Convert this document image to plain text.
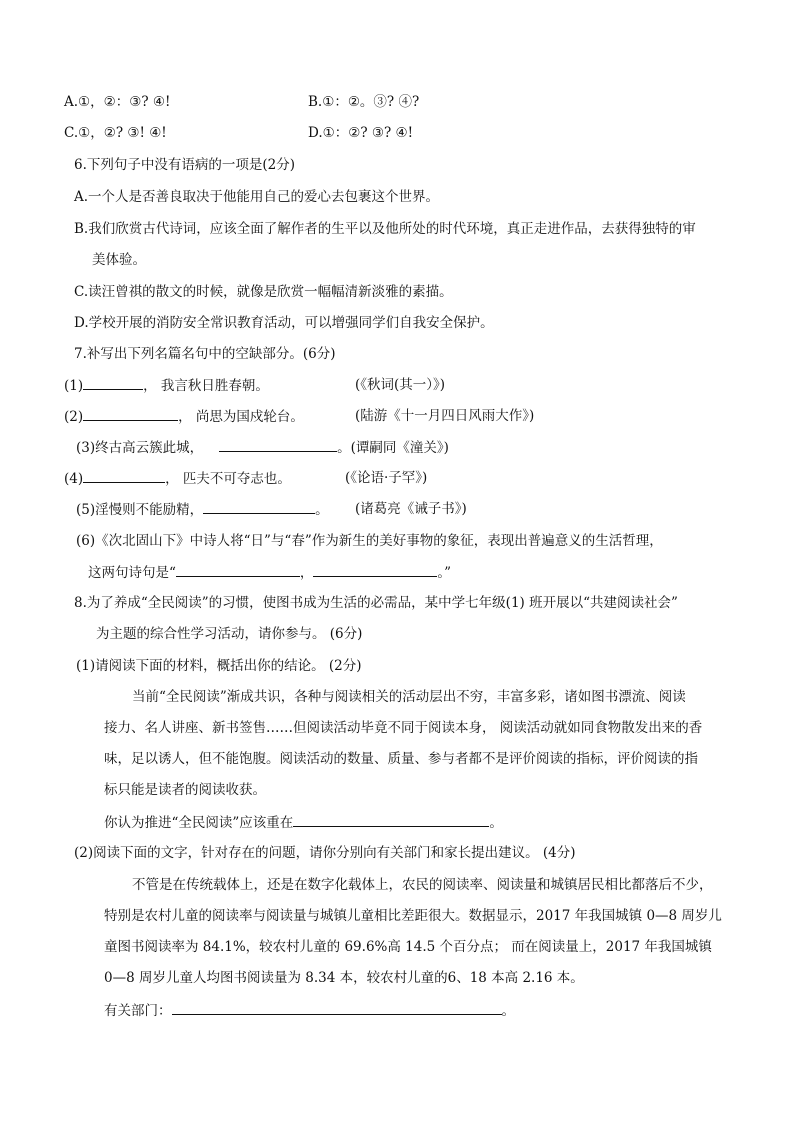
A.①，②：③? ④!	B.①：②。③? ④?
C.①，②? ③! ④!	D.①：②? ③? ④!
6.下列句子中没有语病的一项是(2分)
A.一个人是否善良取决于他能用自己的爱心去包裹这个世界。
B.我们欣赏古代诗词，应该全面了解作者的生平以及他所处的时代环境，真正走进作品，去获得独特的审
美体验。
C.读汪曾祺的散文的时候，就像是欣赏一幅幅清新淡雅的素描。
D.学校开展的消防安全常识教育活动，可以增强同学们自我安全保护。
7.补写出下列名篇名句中的空缺部分。(6分)
(1)	， 我言秋日胜春朝。	(《秋词(其一）》)
(2)	， 尚思为国戍轮台。	(陆游《十一月四日风雨大作》)
(3)终古高云簇此城，	。(谭嗣同《潼关》)
(4)	， 匹夫不可夺志也。	(《论语·子罕》)
(5)淫慢则不能励精，	。 (诸葛亮《诫子书》)
(6)《次北固山下》中诗人将“日”与“春”作为新生的美好事物的象征，表现出普遍意义的生活哲理，
这两句诗句是“	，	。”
8.为了养成“全民阅读”的习惯，使图书成为生活的必需品，某中学七年级(1) 班开展以“共建阅读社会”
为主题的综合性学习活动，请你参与。 (6分)
(1)请阅读下面的材料，概括出你的结论。 (2分)
当前“全民阅读”渐成共识，各种与阅读相关的活动层出不穷，丰富多彩，诸如图书漂流、阅读
接力、名人讲座、新书签售……但阅读活动毕竟不同于阅读本身， 阅读活动就如同食物散发出来的香
味，足以诱人，但不能饱腹。阅读活动的数量、质量、参与者都不是评价阅读的指标，评价阅读的指
标只能是读者的阅读收获。
你认为推进“全民阅读”应该重在	。
(2)阅读下面的文字，针对存在的问题，请你分别向有关部门和家长提出建议。 (4分)
不管是在传统载体上，还是在数字化载体上，农民的阅读率、阅读量和城镇居民相比都落后不少，
特别是农村儿童的阅读率与阅读量与城镇儿童相比差距很大。数据显示，2017 年我国城镇 0—8 周岁儿
童图书阅读率为 84.1%，较农村儿童的 69.6%高 14.5 个百分点； 而在阅读量上，2017 年我国城镇
0—8 周岁儿童人均图书阅读量为 8.34 本，较农村儿童的6、18 本高 2.16 本。
有关部门：	。
